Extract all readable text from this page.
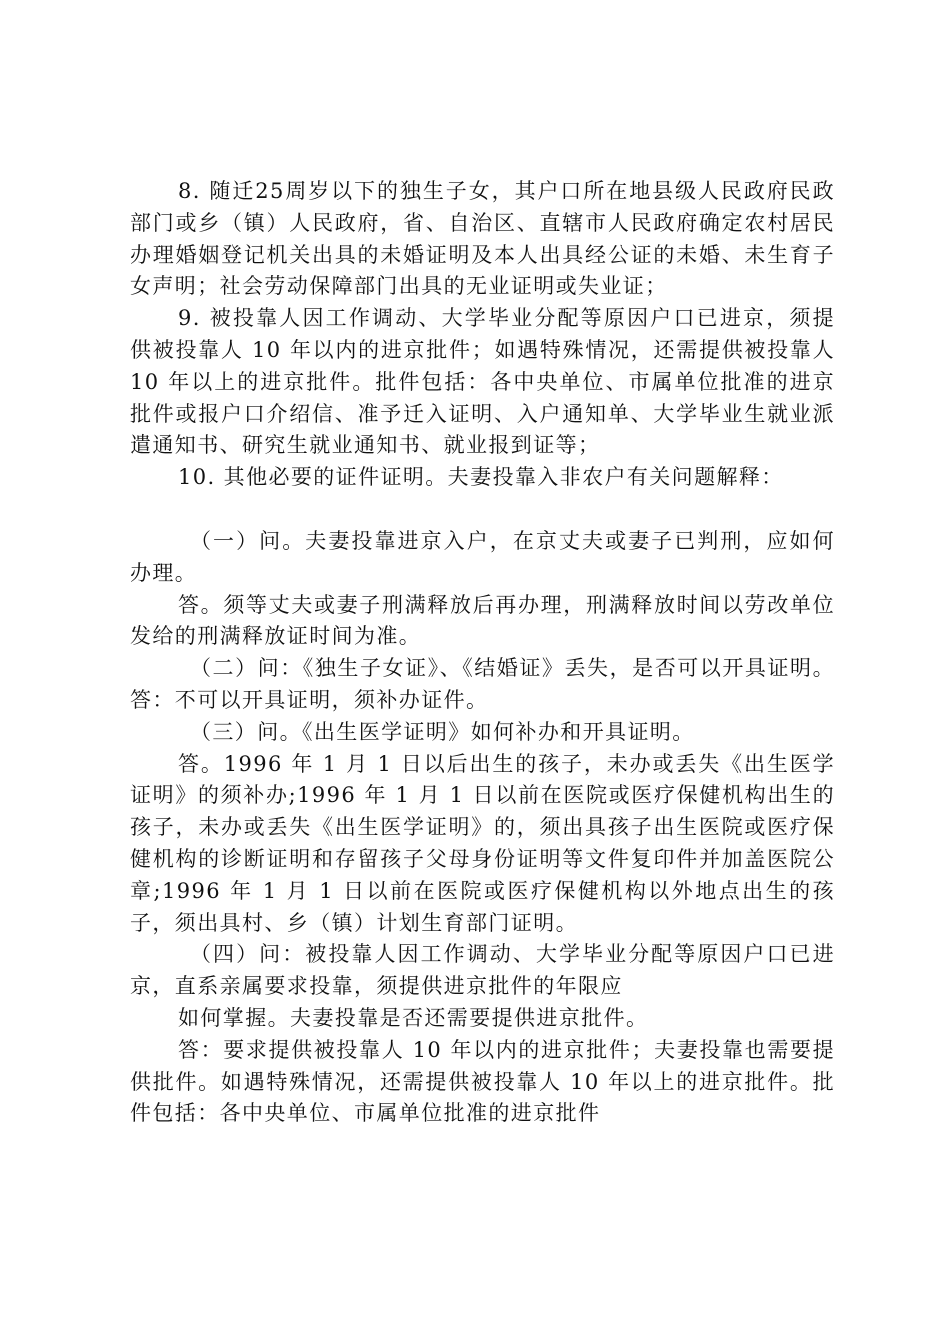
8. 随迁25周岁以下的独生子女，其户口所在地县级人民政府民政部门或乡（镇）人民政府，省、自治区、直辖市人民政府确定农村居民办理婚姻登记机关出具的未婚证明及本人出具经公证的未婚、未生育子女声明；社会劳动保障部门出具的无业证明或失业证；

9. 被投靠人因工作调动、大学毕业分配等原因户口已进京，须提供被投靠人 10 年以内的进京批件；如遇特殊情况，还需提供被投靠人 10 年以上的进京批件。批件包括：各中央单位、市属单位批准的进京批件或报户口介绍信、准予迁入证明、入户通知单、大学毕业生就业派遣通知书、研究生就业通知书、就业报到证等；

10. 其他必要的证件证明。夫妻投靠入非农户有关问题解释：

（一）问。夫妻投靠进京入户，在京丈夫或妻子已判刑，应如何办理。

答。须等丈夫或妻子刑满释放后再办理，刑满释放时间以劳改单位发给的刑满释放证时间为准。

（二）问：《独生子女证》、《结婚证》丢失，是否可以开具证明。答：不可以开具证明，须补办证件。

（三）问。《出生医学证明》如何补办和开具证明。

答。1996 年 1 月 1 日以后出生的孩子，未办或丢失《出生医学证明》的须补办;1996 年 1 月 1 日以前在医院或医疗保健机构出生的孩子，未办或丢失《出生医学证明》的，须出具孩子出生医院或医疗保健机构的诊断证明和存留孩子父母身份证明等文件复印件并加盖医院公章;1996 年 1 月 1 日以前在医院或医疗保健机构以外地点出生的孩子，须出具村、乡（镇）计划生育部门证明。

（四）问：被投靠人因工作调动、大学毕业分配等原因户口已进京，直系亲属要求投靠，须提供进京批件的年限应

如何掌握。夫妻投靠是否还需要提供进京批件。

答：要求提供被投靠人 10 年以内的进京批件；夫妻投靠也需要提供批件。如遇特殊情况，还需提供被投靠人 10 年以上的进京批件。批件包括：各中央单位、市属单位批准的进京批件
